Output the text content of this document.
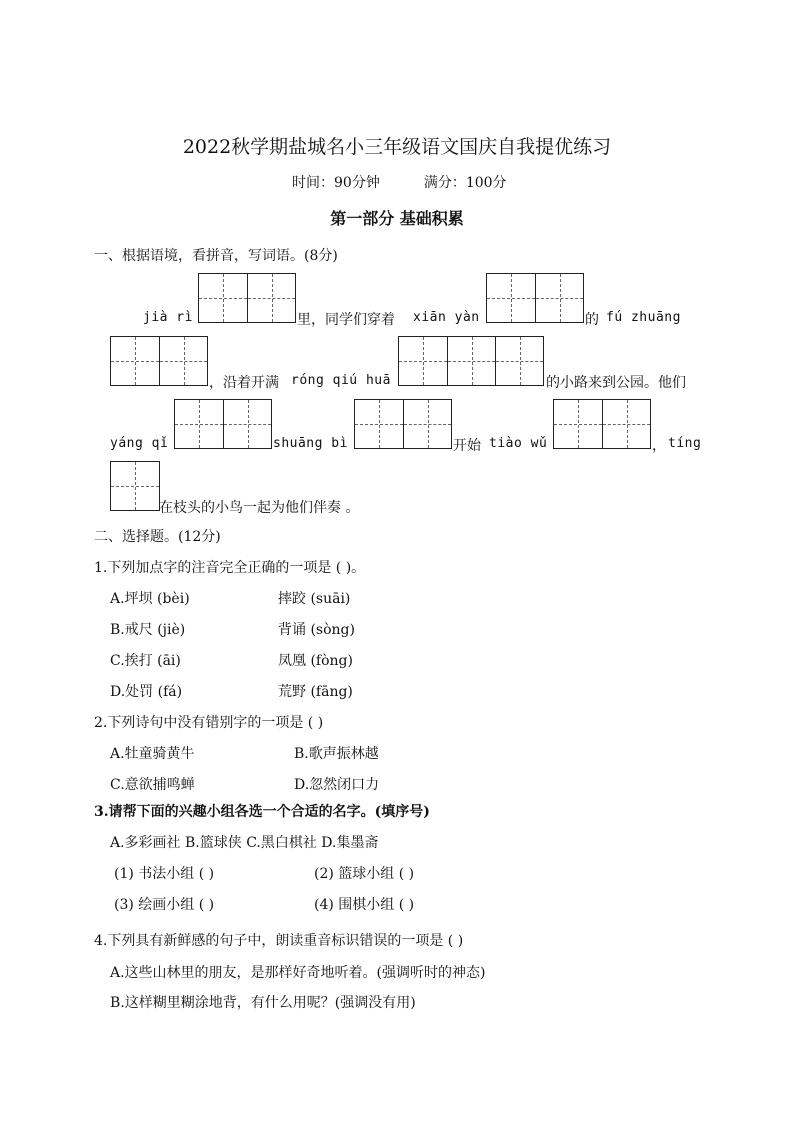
2022秋学期盐城名小三年级语文国庆自我提优练习
时间：90分钟	满分：100分
第一部分 基础积累
一、根据语境，看拼音，写词语。(8分)
jià rì	里，同学们穿着 xiān yàn	的 fú zhuāng
，沿着开满 róng qiú huā	的小路来到公园。他们
yáng qǐ	shuāng bì	开始 tiào wǔ	， tíng
在枝头的小鸟一起为他们伴奏 。
二、选择题。(12分)
1.下列加点字的注音完全正确的一项是 ( )。
A.坪坝 (bèi)	摔跤 (suāi)
B.戒尺 (jiè)	背诵 (sòng)
C.挨打 (āi)	凤凰 (fòng)
D.处罚 (fá)	荒野 (fāng)
2.下列诗句中没有错别字的一项是 ( )
A.牡童骑黄牛	B.歌声振林越
C.意欲捕鸣蝉	D.忽然闭口力
3.请帮下面的兴趣小组各选一个合适的名字。(填序号)
A.多彩画社 B.篮球侠 C.黑白棋社 D.集墨斋
(1) 书法小组 ( )	(2) 篮球小组 ( )
(3) 绘画小组 ( )	(4) 围棋小组 ( )
4.下列具有新鲜感的句子中，朗读重音标识错误的一项是 ( )
A.这些山林里的朋友，是那样好奇地听着。(强调听时的神态)
B.这样糊里糊涂地背，有什么用呢？(强调没有用)
